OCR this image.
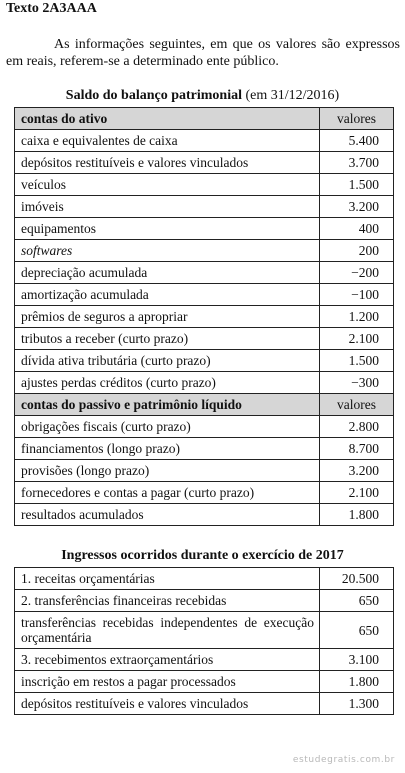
Texto 2A3AAA
As informações seguintes, em que os valores são expressos em reais, referem-se a determinado ente público.
Saldo do balanço patrimonial (em 31/12/2016)
contas do ativo	valores
caixa e equivalentes de caixa	5.400
depósitos restituíveis e valores vinculados	3.700
veículos	1.500
imóveis	3.200
equipamentos	400
softwares	200
depreciação acumulada	−200
amortização acumulada	−100
prêmios de seguros a apropriar	1.200
tributos a receber (curto prazo)	2.100
dívida ativa tributária (curto prazo)	1.500
ajustes perdas créditos (curto prazo)	−300
contas do passivo e patrimônio líquido	valores
obrigações fiscais (curto prazo)	2.800
financiamentos (longo prazo)	8.700
provisões (longo prazo)	3.200
fornecedores e contas a pagar (curto prazo)	2.100
resultados acumulados	1.800
Ingressos ocorridos durante o exercício de 2017
1. receitas orçamentárias	20.500
2. transferências financeiras recebidas	650
transferências recebidas independentes de execução orçamentária	650
3. recebimentos extraorçamentários	3.100
inscrição em restos a pagar processados	1.800
depósitos restituíveis e valores vinculados	1.300
estudegratis.com.br
